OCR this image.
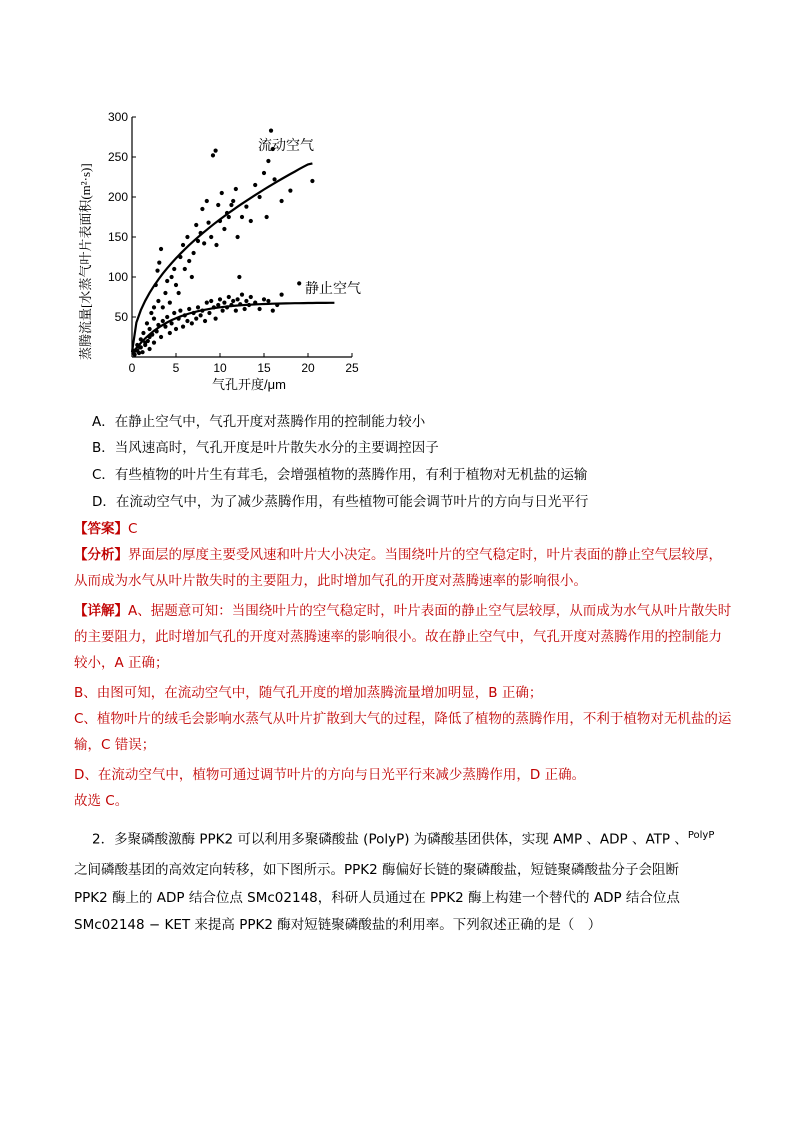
0	5	10	15	20	25
50
100
150
200
250
300
蒸腾流量[水蒸气叶片表面积(m²·s)]
气孔开度/μm
流动空气
静止空气
A．在静止空气中，气孔开度对蒸腾作用的控制能力较小
B．当风速高时，气孔开度是叶片散失水分的主要调控因子
C．有些植物的叶片生有茸毛，会增强植物的蒸腾作用，有利于植物对无机盐的运输
D．在流动空气中，为了减少蒸腾作用，有些植物可能会调节叶片的方向与日光平行
【答案】C
【分析】界面层的厚度主要受风速和叶片大小决定。当围绕叶片的空气稳定时，叶片表面的静止空气层较厚，从而成为水气从叶片散失时的主要阻力，此时增加气孔的开度对蒸腾速率的影响很小。
【详解】A、据题意可知：当围绕叶片的空气稳定时，叶片表面的静止空气层较厚，从而成为水气从叶片散失时的主要阻力，此时增加气孔的开度对蒸腾速率的影响很小。故在静止空气中，气孔开度对蒸腾作用的控制能力较小，A 正确；
B、由图可知，在流动空气中，随气孔开度的增加蒸腾流量增加明显，B 正确；
C、植物叶片的绒毛会影响水蒸气从叶片扩散到大气的过程，降低了植物的蒸腾作用，不利于植物对无机盐的运输，C 错误；
D、在流动空气中，植物可通过调节叶片的方向与日光平行来减少蒸腾作用，D 正确。
故选 C。
2．多聚磷酸激酶 PPK2 可以利用多聚磷酸盐 (PolyP) 为磷酸基团供体，实现 AMP 、ADP 、ATP 、$^{PolyP}$
之间磷酸基团的高效定向转移，如下图所示。PPK2 酶偏好长链的聚磷酸盐，短链聚磷酸盐分子会阻断
PPK2 酶上的 ADP 结合位点 SMc02148，科研人员通过在 PPK2 酶上构建一个替代的 ADP 结合位点
SMc02148 − KET 来提高 PPK2 酶对短链聚磷酸盐的利用率。下列叙述正确的是（　）
